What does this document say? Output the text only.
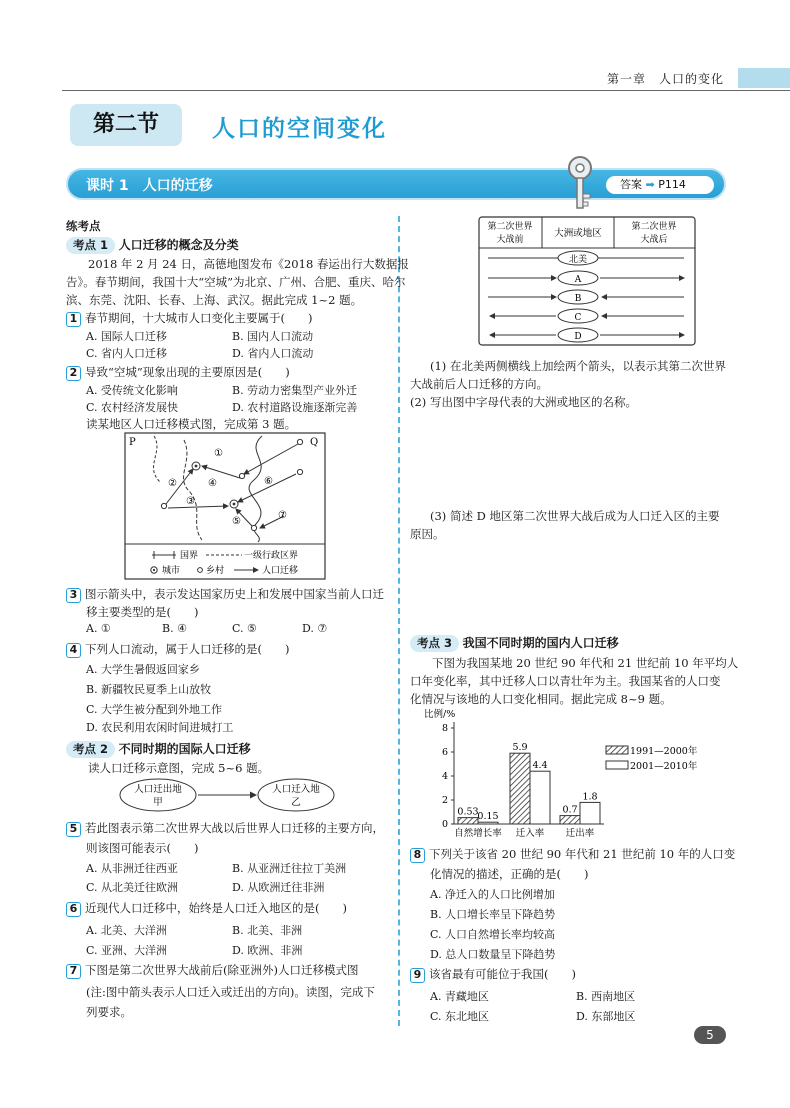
第一章　人口的变化
第二节	人口的空间变化
课时 1　人口的迁移	答案 ➡ P114
练考点
考点 1 人口迁移的概念及分类
2018 年 2 月 24 日，高德地图发布《2018 春运出行大数据报
告》。春节期间，我国十大“空城”为北京、广州、合肥、重庆、哈尔
滨、东莞、沈阳、长春、上海、武汉。据此完成 1~2 题。
1 春节期间，十大城市人口变化主要属于(　　)
A. 国际人口迁移	B. 国内人口流动
C. 省内人口迁移	D. 省内人口流动
2 导致“空城”现象出现的主要原因是(　　)
A. 受传统文化影响	B. 劳动力密集型产业外迁
C. 农村经济发展快	D. 农村道路设施逐渐完善
读某地区人口迁移模式图，完成第 3 题。
P	Q
①
②
③
④
⑤
⑥
⑦
国界	一级行政区界
城市	乡村	人口迁移
3 图示箭头中，表示发达国家历史上和发展中国家当前人口迁
移主要类型的是(　　)
A. ①	B. ④	C. ⑤	D. ⑦
4 下列人口流动，属于人口迁移的是(　　)
A. 大学生暑假返回家乡
B. 新疆牧民夏季上山放牧
C. 大学生被分配到外地工作
D. 农民利用农闲时间进城打工
考点 2 不同时期的国际人口迁移
读人口迁移示意图，完成 5~6 题。
人口迁出地
甲
人口迁入地
乙
5 若此图表示第二次世界大战以后世界人口迁移的主要方向，
则该图可能表示(　　)
A. 从非洲迁往西亚	B. 从亚洲迁往拉丁美洲
C. 从北美迁往欧洲	D. 从欧洲迁往非洲
6 近现代人口迁移中，始终是人口迁入地区的是(　　)
A. 北美、大洋洲	B. 北美、非洲
C. 亚洲、大洋洲	D. 欧洲、非洲
7 下图是第二次世界大战前后(除亚洲外)人口迁移模式图
(注:图中箭头表示人口迁入或迁出的方向)。读图，完成下
列要求。
第二次世界
大战前
大洲或地区
第二次世界
大战后
北美
A
B
C
D
(1) 在北美两侧横线上加绘两个箭头，以表示其第二次世界
大战前后人口迁移的方向。
(2) 写出图中字母代表的大洲或地区的名称。
(3) 简述 D 地区第二次世界大战后成为人口迁入区的主要
原因。
考点 3 我国不同时期的国内人口迁移
下图为我国某地 20 世纪 90 年代和 21 世纪前 10 年平均人
口年变化率，其中迁移人口以青壮年为主。我国某省的人口变
化情况与该地的人口变化相同。据此完成 8~9 题。
比例/%
0
2
4
6
8
0.53
0.15
5.9
4.4
0.7
1.8
自然增长率 迁入率 迁出率
1991—2000年
2001—2010年
8 下列关于该省 20 世纪 90 年代和 21 世纪前 10 年的人口变
化情况的描述，正确的是(　　)
A. 净迁入的人口比例增加
B. 人口增长率呈下降趋势
C. 人口自然增长率均较高
D. 总人口数量呈下降趋势
9 该省最有可能位于我国(　　)
A. 青藏地区	B. 西南地区
C. 东北地区	D. 东部地区
5
